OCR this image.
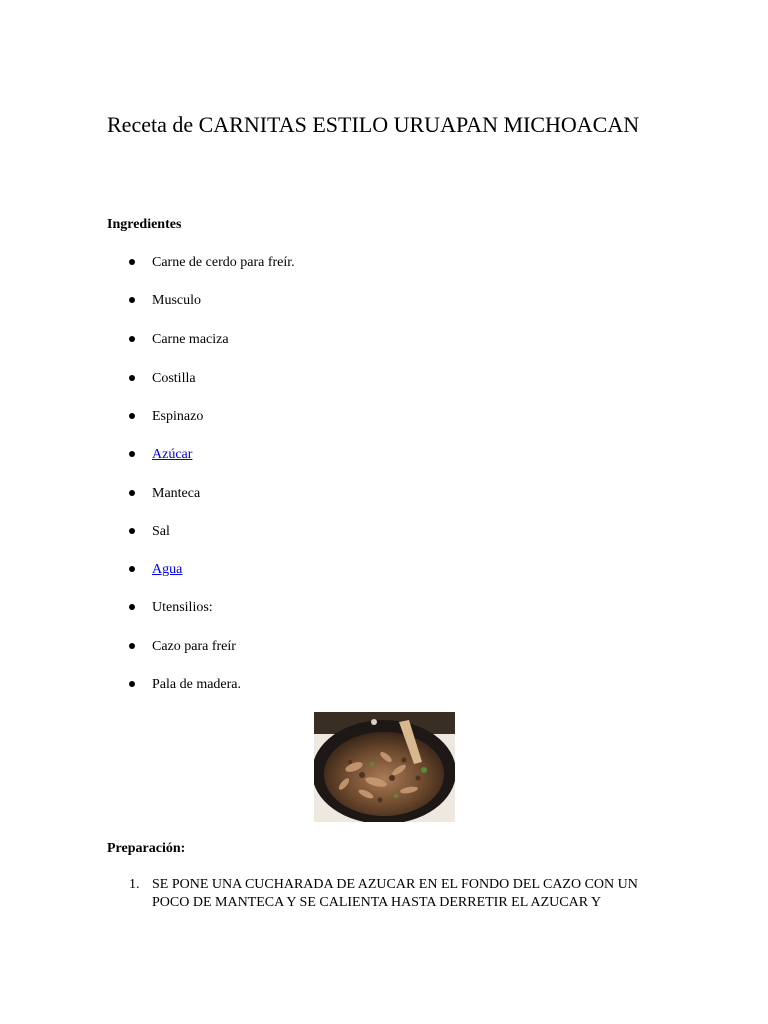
Receta de CARNITAS ESTILO URUAPAN MICHOACAN
Ingredientes
Carne de cerdo para freír.
Musculo
Carne maciza
Costilla
Espinazo
Azúcar
Manteca
Sal
Agua
Utensilios:
Cazo para freír
Pala de madera.
Preparación:
1. SE PONE UNA CUCHARADA DE AZUCAR EN EL FONDO DEL CAZO CON UN POCO DE MANTECA Y SE CALIENTA HASTA DERRETIR EL AZUCAR Y
